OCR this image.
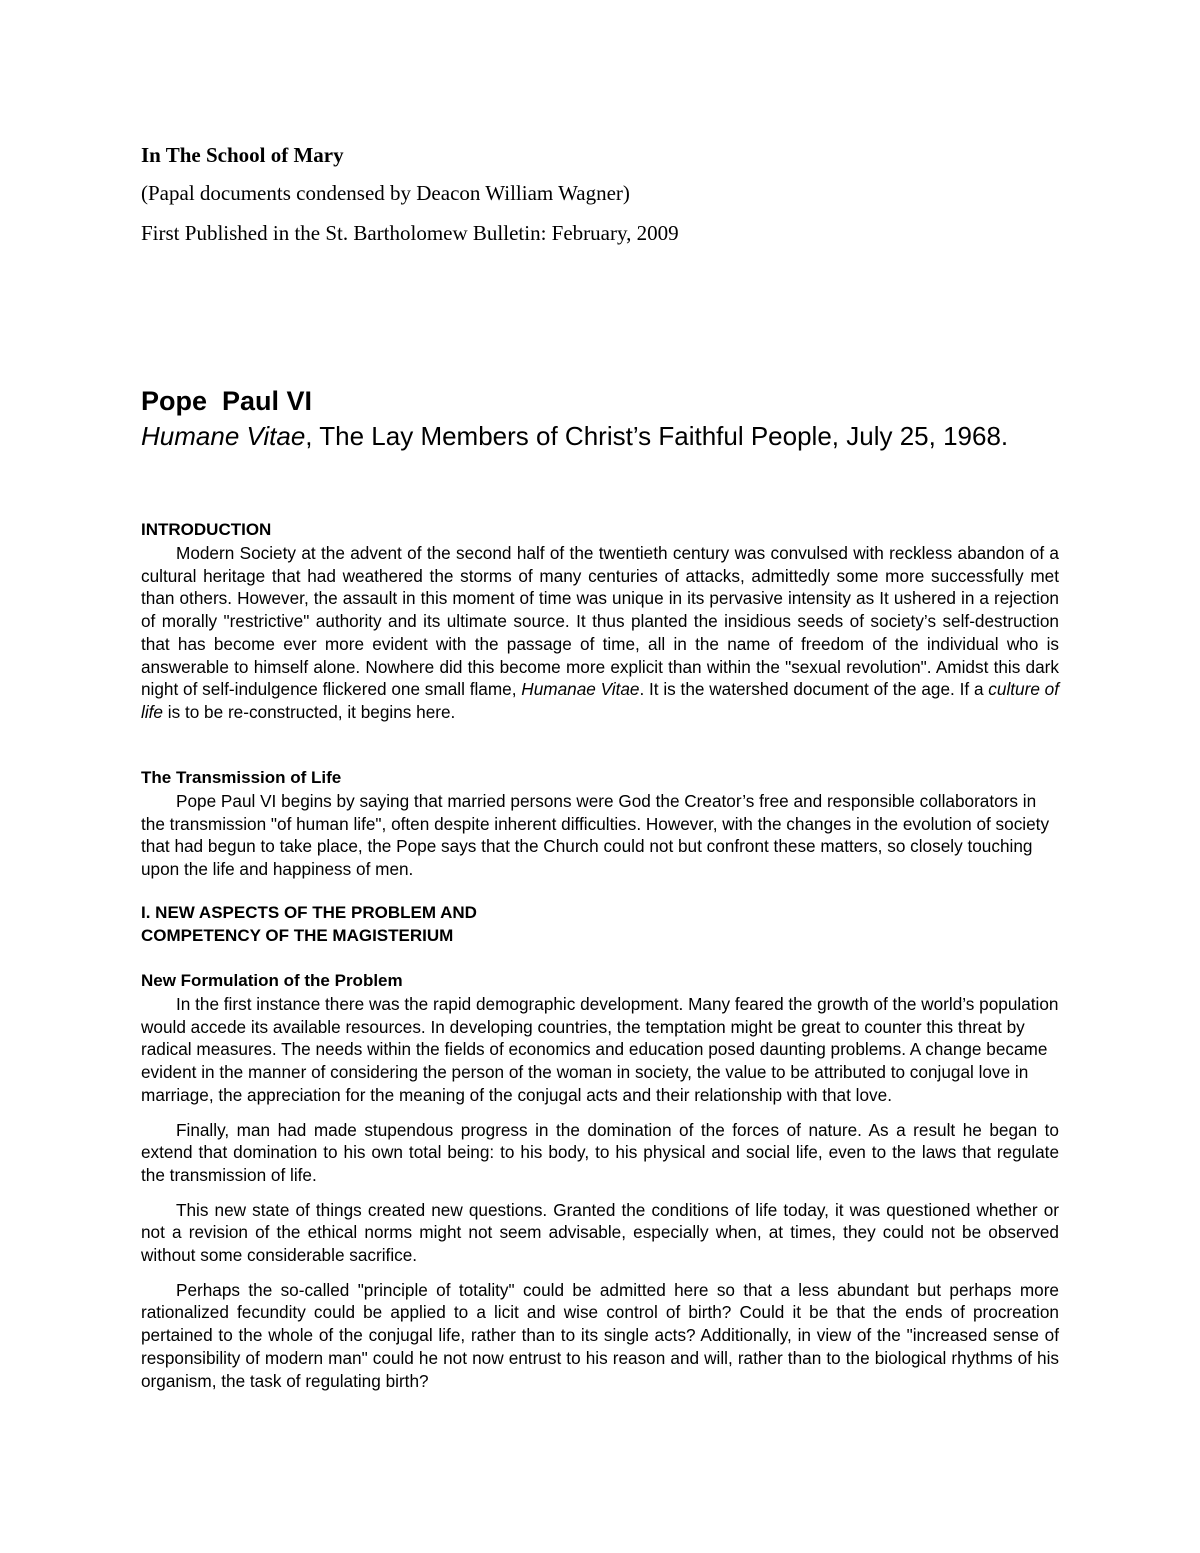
In The School of Mary
(Papal documents condensed by Deacon William Wagner)
First Published in the St. Bartholomew Bulletin: February, 2009
Pope  Paul VI
Humane Vitae, The Lay Members of Christ’s Faithful People, July 25, 1968.
INTRODUCTION

Modern Society at the advent of the second half of the twentieth century was convulsed with reckless abandon of a cultural heritage that had weathered the storms of many centuries of attacks, admittedly some more successfully met than others. However, the assault in this moment of time was unique in its pervasive intensity as It ushered in a rejection of morally "restrictive" authority and its ultimate source. It thus planted the insidious seeds of society’s self-destruction that has become ever more evident with the passage of time, all in the name of freedom of the individual who is answerable to himself alone. Nowhere did this become more explicit than within the "sexual revolution". Amidst this dark night of self-indulgence flickered one small flame, Humanae Vitae. It is the watershed document of the age. If a culture of life is to be re-constructed, it begins here.

The Transmission of Life

Pope Paul VI begins by saying that married persons were God the Creator’s free and responsible collaborators in the transmission "of human life", often despite inherent difficulties. However, with the changes in the evolution of society that had begun to take place, the Pope says that the Church could not but confront these matters, so closely touching upon the life and happiness of men.

I. NEW ASPECTS OF THE PROBLEM AND
COMPETENCY OF THE MAGISTERIUM
New Formulation of the Problem

In the first instance there was the rapid demographic development. Many feared the growth of the world’s population would accede its available resources. In developing countries, the temptation might be great to counter this threat by radical measures. The needs within the fields of economics and education posed daunting problems. A change became evident in the manner of considering the person of the woman in society, the value to be attributed to conjugal love in marriage, the appreciation for the meaning of the conjugal acts and their relationship with that love.

Finally, man had made stupendous progress in the domination of the forces of nature. As a result he began to extend that domination to his own total being: to his body, to his physical and social life, even to the laws that regulate the transmission of life.

This new state of things created new questions. Granted the conditions of life today, it was questioned whether or not a revision of the ethical norms might not seem advisable, especially when, at times, they could not be observed without some considerable sacrifice.

Perhaps the so-called "principle of totality" could be admitted here so that a less abundant but perhaps more rationalized fecundity could be applied to a licit and wise control of birth? Could it be that the ends of procreation pertained to the whole of the conjugal life, rather than to its single acts? Additionally, in view of the "increased sense of responsibility of modern man" could he not now entrust to his reason and will, rather than to the biological rhythms of his organism, the task of regulating birth?
